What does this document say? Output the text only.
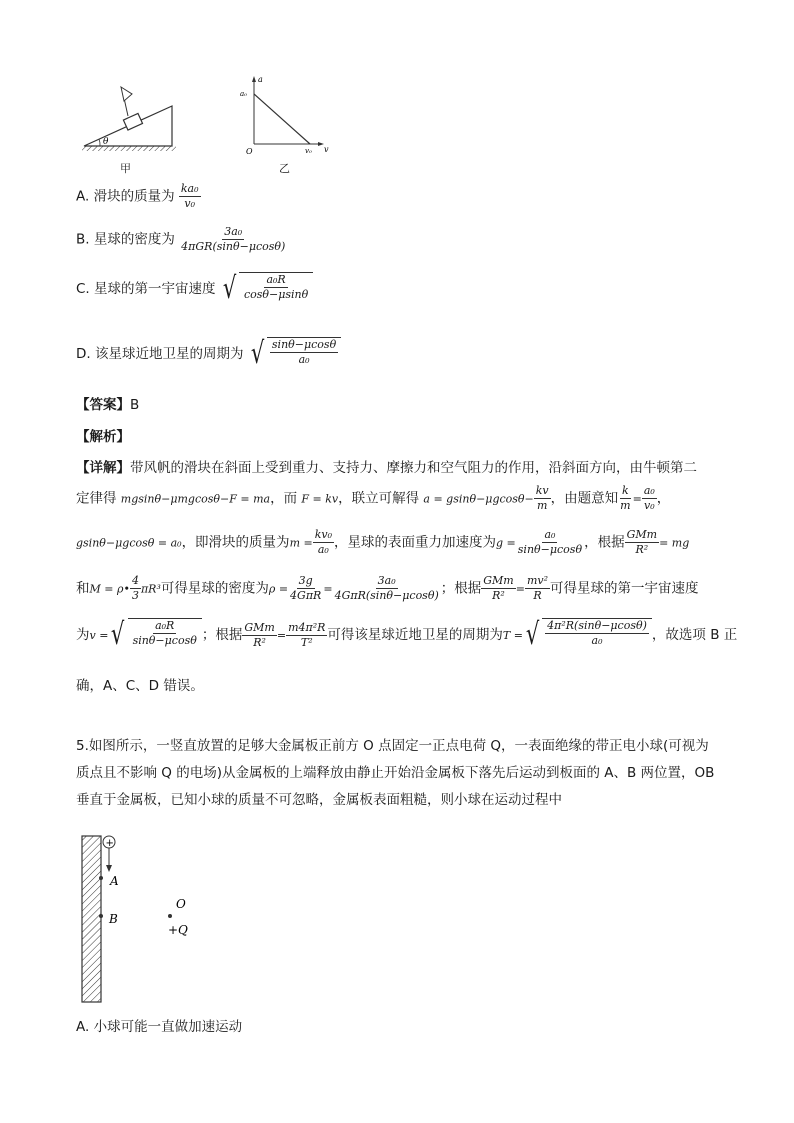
θ
甲
a
a₀
O	v₀ v
乙
A. 滑块的质量为 $\frac{\text{ka₀}}{\text{v₀}}$
B. 星球的密度为 $\frac{\text{3a₀}}{\text{4πGR(sinθ−μcosθ)}}$
C. 星球的第一宇宙速度 √ $\frac{\text{a₀R}}{\cos\theta-\mu\sin\theta}$
D. 该星球近地卫星的周期为 √ $\frac{\sin\theta-\mu\cos\theta}{\text{a₀}}$
【答案】B
【解析】
【详解】带风帆的滑块在斜面上受到重力、支持力、摩擦力和空气阻力的作用，沿斜面方向，由牛顿第二
定律得 mgsinθ−μmgcosθ−F = ma，而 F = kv，联立可解得 $a = gsin\theta-\mu gcos\theta- \frac{kv}{m}$ ，由题意知 $\frac{k}{m} = \frac{\text{a₀}}{\text{v₀}}$ ，
gsinθ−μgcosθ = a₀，即滑块的质量为$m = \frac{\text{kv₀}}{\text{a₀}}$ ，星球的表面重力加速度为$g = \frac{\text{a₀}}{\sin\theta-\mu\cos\theta}$ ，根据 $\frac{\text{GMm}}{\text{R²}}$ = mg
和M = ρ• $\frac{4}{3} \pi R^3$可得星球的密度为$\rho = \frac{3g}{\text{4GπR}} = \frac{\text{3a₀}}{\text{4GπR(sinθ−μcosθ)}}$ ；根据 $\frac{\text{GMm}}{\text{R²}} = \frac{\text{mv²}}{R}$ 可得星球的第一宇宙速度
为v = √ $\frac{\text{a₀R}}{\sin\theta-\mu\cos\theta}$ ；根据 $\frac{\text{GMm}}{\text{R²}} = \frac{\text{m4π²R}}{\text{T²}}$ 可得该星球近地卫星的周期为T = √ $\frac{\text{4π²R(sinθ−μcosθ)}}{\text{a₀}}$ ，故选项 B 正
确，A、C、D 错误。
5.如图所示，一竖直放置的足够大金属板正前方 O 点固定一正点电荷 Q，一表面绝缘的带正电小球(可视为
质点且不影响 Q 的电场)从金属板的上端释放由静止开始沿金属板下落先后运动到板面的 A、B 两位置，OB
垂直于金属板，已知小球的质量不可忽略，金属板表面粗糙，则小球在运动过程中
+
A
B
O
+Q
A. 小球可能一直做加速运动
